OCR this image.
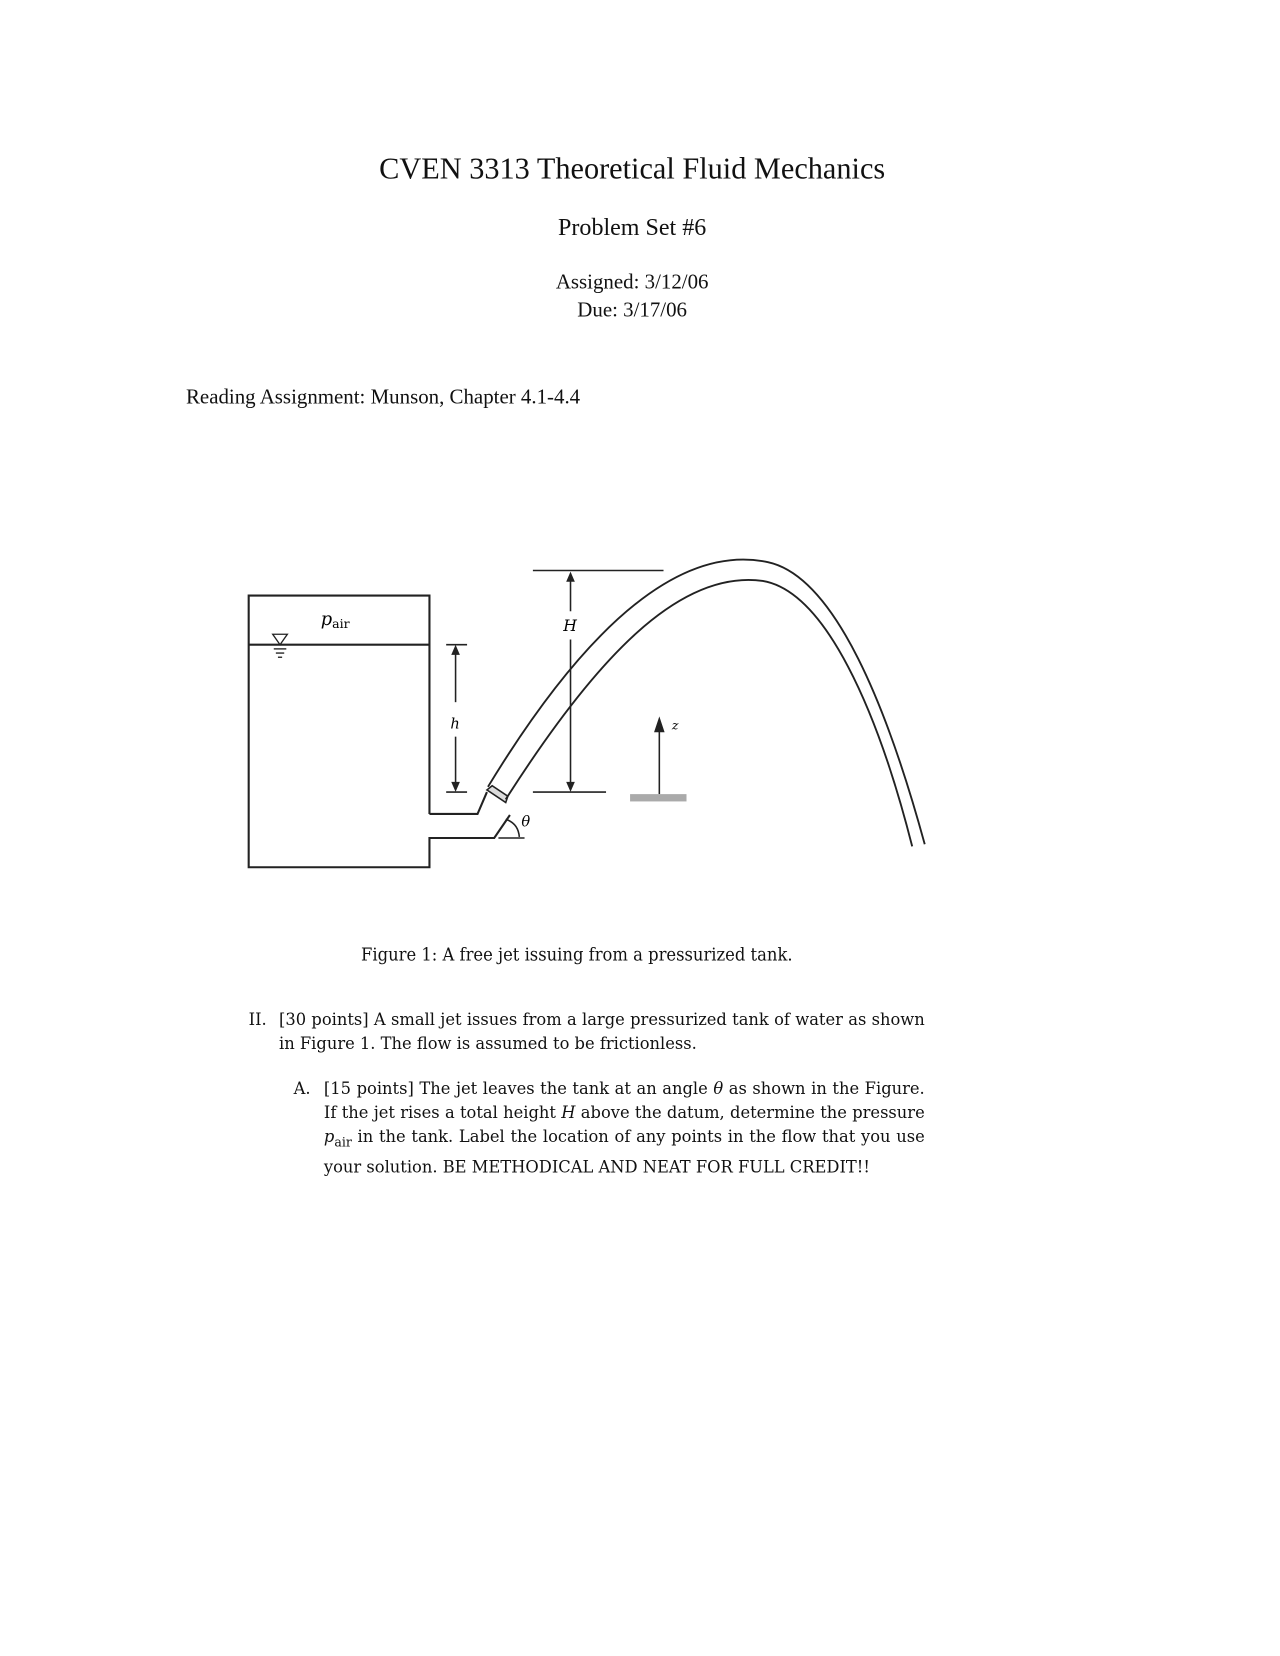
CVEN 3313 Theoretical Fluid Mechanics
Problem Set #6
Assigned: 3/12/06
Due: 3/17/06
Reading Assignment: Munson, Chapter 4.1-4.4
h
H
z
θ
pair
Figure 1: A free jet issuing from a pressurized tank.
II. [30 points] A small jet issues from a large pressurized tank of water as shown in Figure 1. The flow is assumed to be frictionless.
A. [15 points] The jet leaves the tank at an angle θ as shown in the Figure. If the jet rises a total height H above the datum, determine the pressure $p_{air}$ in the tank. Label the location of any points in the flow that you use your solution. BE METHODICAL AND NEAT FOR FULL CREDIT!!
